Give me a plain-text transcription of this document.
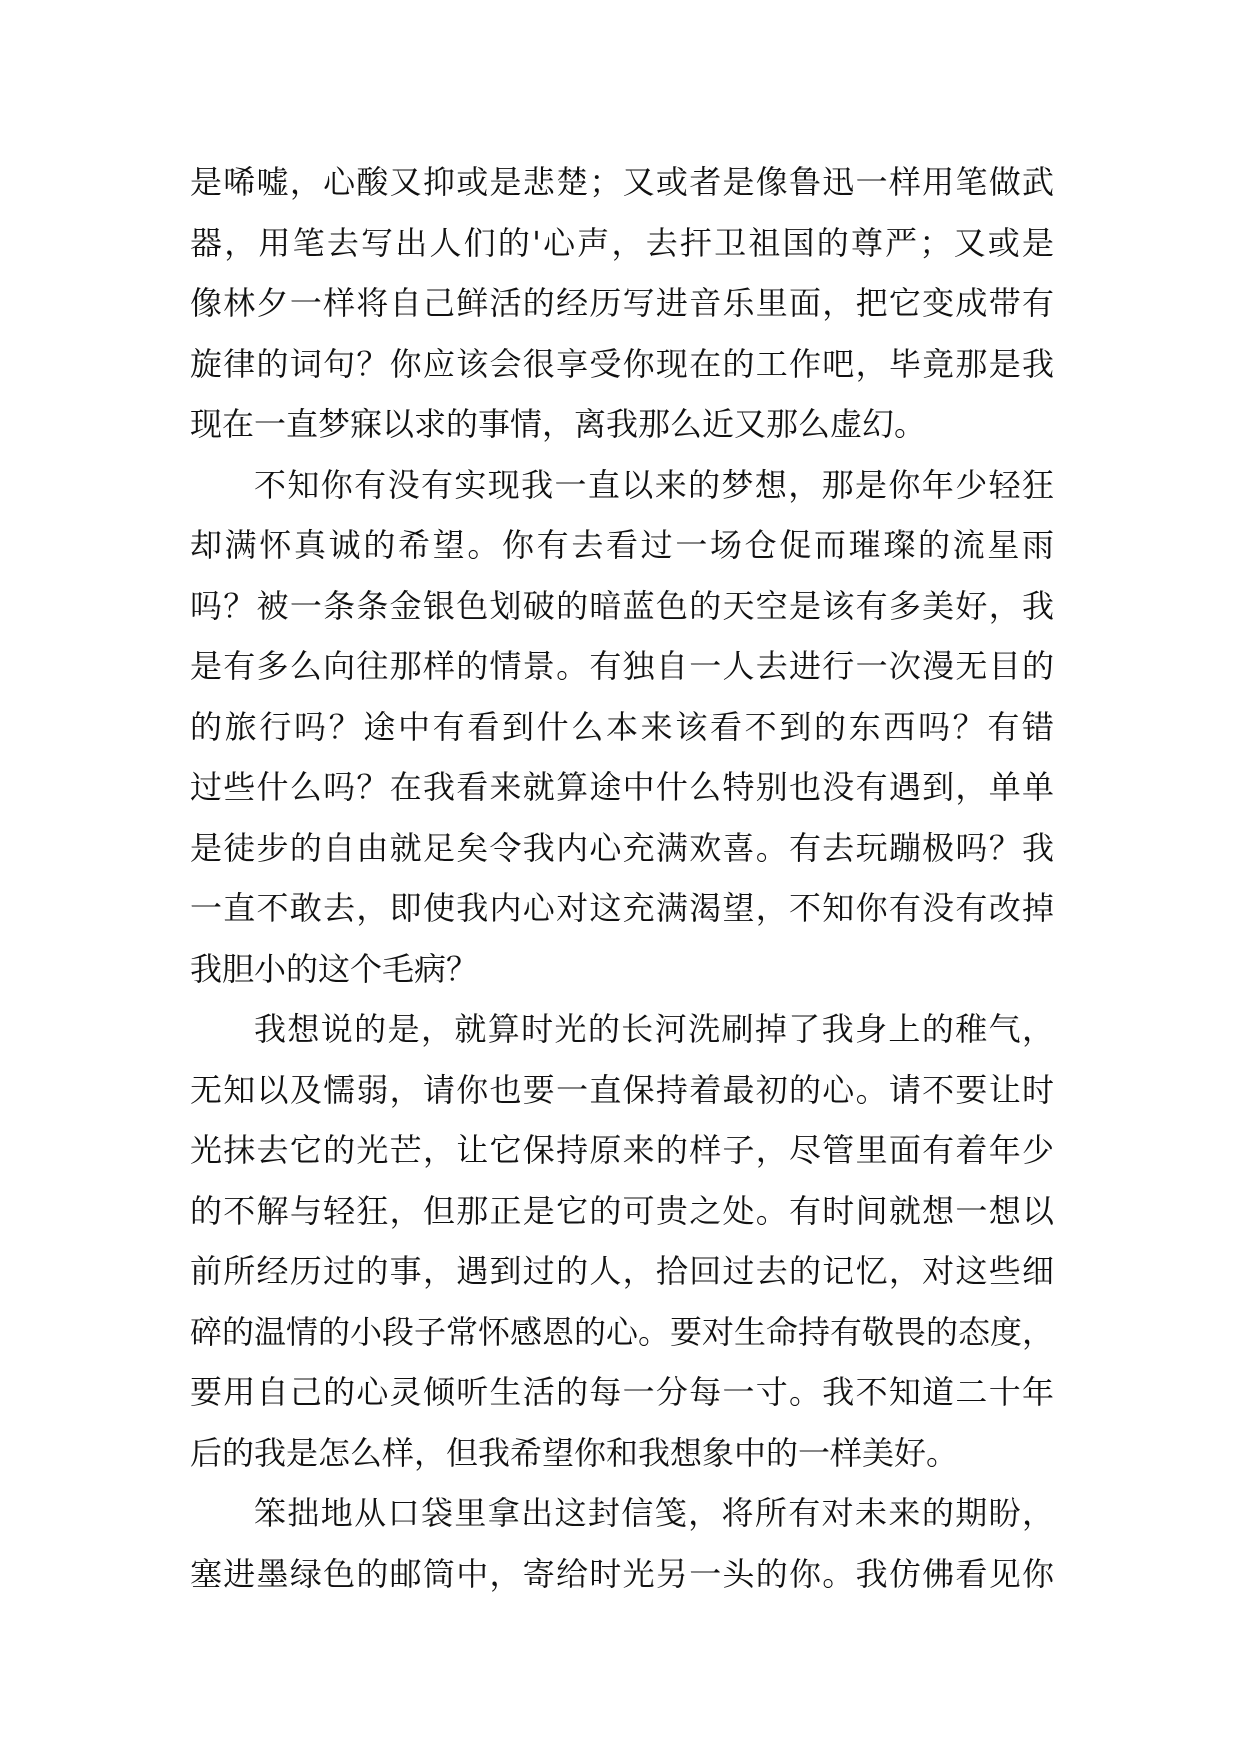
是唏嘘，心酸又抑或是悲楚；又或者是像鲁迅一样用笔做武
器，用笔去写出人们的'心声，去扞卫祖国的尊严；又或是
像林夕一样将自己鲜活的经历写进音乐里面，把它变成带有
旋律的词句？你应该会很享受你现在的工作吧，毕竟那是我
现在一直梦寐以求的事情，离我那么近又那么虚幻。
不知你有没有实现我一直以来的梦想，那是你年少轻狂
却满怀真诚的希望。你有去看过一场仓促而璀璨的流星雨
吗？被一条条金银色划破的暗蓝色的天空是该有多美好，我
是有多么向往那样的情景。有独自一人去进行一次漫无目的
的旅行吗？途中有看到什么本来该看不到的东西吗？有错
过些什么吗？在我看来就算途中什么特别也没有遇到，单单
是徒步的自由就足矣令我内心充满欢喜。有去玩蹦极吗？我
一直不敢去，即使我内心对这充满渴望，不知你有没有改掉
我胆小的这个毛病？
我想说的是，就算时光的长河洗刷掉了我身上的稚气，
无知以及懦弱，请你也要一直保持着最初的心。请不要让时
光抹去它的光芒，让它保持原来的样子，尽管里面有着年少
的不解与轻狂，但那正是它的可贵之处。有时间就想一想以
前所经历过的事，遇到过的人，拾回过去的记忆，对这些细
碎的温情的小段子常怀感恩的心。要对生命持有敬畏的态度，
要用自己的心灵倾听生活的每一分每一寸。我不知道二十年
后的我是怎么样，但我希望你和我想象中的一样美好。
笨拙地从口袋里拿出这封信笺，将所有对未来的期盼，
塞进墨绿色的邮筒中，寄给时光另一头的你。我仿佛看见你
